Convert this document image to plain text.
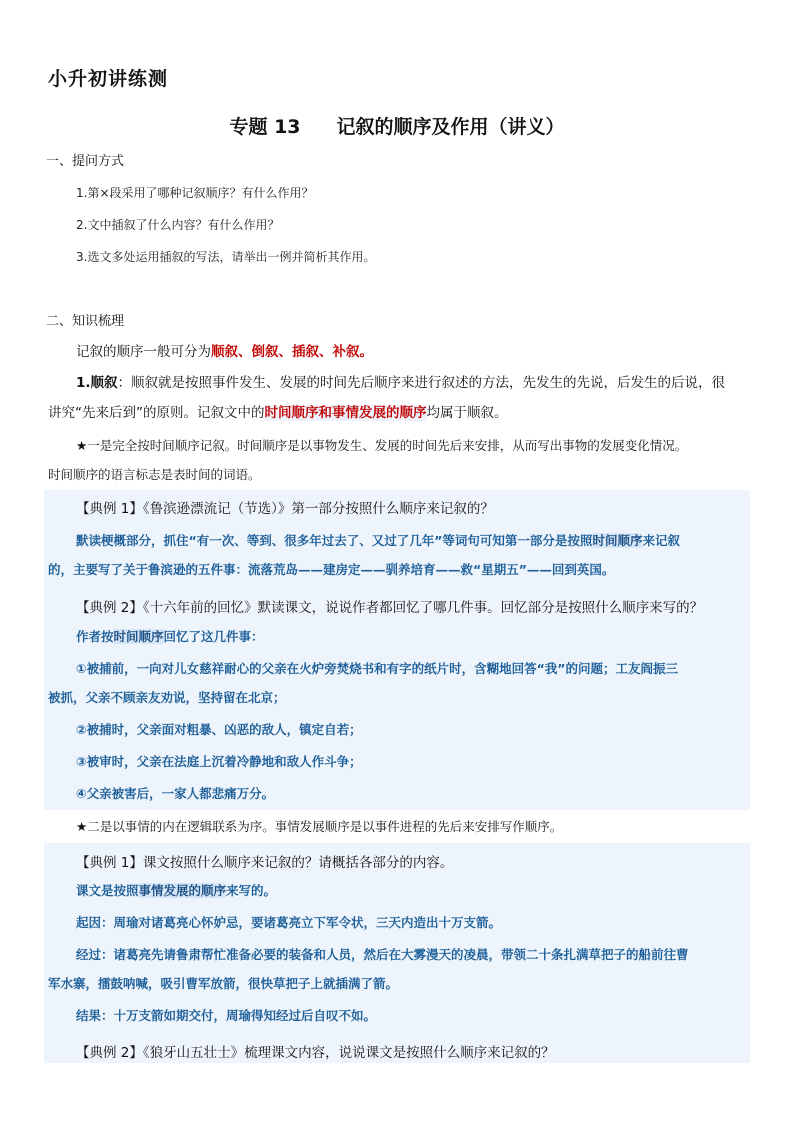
小升初讲练测
专题 13 记叙的顺序及作用（讲义）
一、提问方式
1.第×段采用了哪种记叙顺序？有什么作用？
2.文中插叙了什么内容？有什么作用？
3.选文多处运用插叙的写法，请举出一例并简析其作用。
二、知识梳理
记叙的顺序一般可分为顺叙、倒叙、插叙、补叙。
1.顺叙：顺叙就是按照事件发生、发展的时间先后顺序来进行叙述的方法，先发生的先说，后发生的后说，很
讲究“先来后到”的原则。记叙文中的时间顺序和事情发展的顺序均属于顺叙。
★一是完全按时间顺序记叙。时间顺序是以事物发生、发展的时间先后来安排，从而写出事物的发展变化情况。
时间顺序的语言标志是表时间的词语。
【典例 1】《鲁滨逊漂流记（节选）》第一部分按照什么顺序来记叙的？
默读梗概部分，抓住“有一次、等到、很多年过去了、又过了几年”等词句可知第一部分是按照时间顺序来记叙
的，主要写了关于鲁滨逊的五件事：流落荒岛——建房定——驯养培育——救“星期五”——回到英国。
【典例 2】《十六年前的回忆》默读课文，说说作者都回忆了哪几件事。回忆部分是按照什么顺序来写的？
作者按时间顺序回忆了这几件事：
①被捕前，一向对儿女慈祥耐心的父亲在火炉旁焚烧书和有字的纸片时，含糊地回答“我”的问题；工友阎振三
被抓，父亲不顾亲友劝说，坚持留在北京；
②被捕时，父亲面对粗暴、凶恶的敌人，镇定自若；
③被审时，父亲在法庭上沉着冷静地和敌人作斗争；
④父亲被害后，一家人都悲痛万分。
★二是以事情的内在逻辑联系为序。事情发展顺序是以事件进程的先后来安排写作顺序。
【典例 1】课文按照什么顺序来记叙的？请概括各部分的内容。
课文是按照事情发展的顺序来写的。
起因：周瑜对诸葛亮心怀妒忌，要诸葛亮立下军令状，三天内造出十万支箭。
经过：诸葛亮先请鲁肃帮忙准备必要的装备和人员，然后在大雾漫天的凌晨，带领二十条扎满草把子的船前往曹
军水寨，擂鼓呐喊，吸引曹军放箭，很快草把子上就插满了箭。
结果：十万支箭如期交付，周瑜得知经过后自叹不如。
【典例 2】《狼牙山五壮士》梳理课文内容，说说课文是按照什么顺序来记叙的？
